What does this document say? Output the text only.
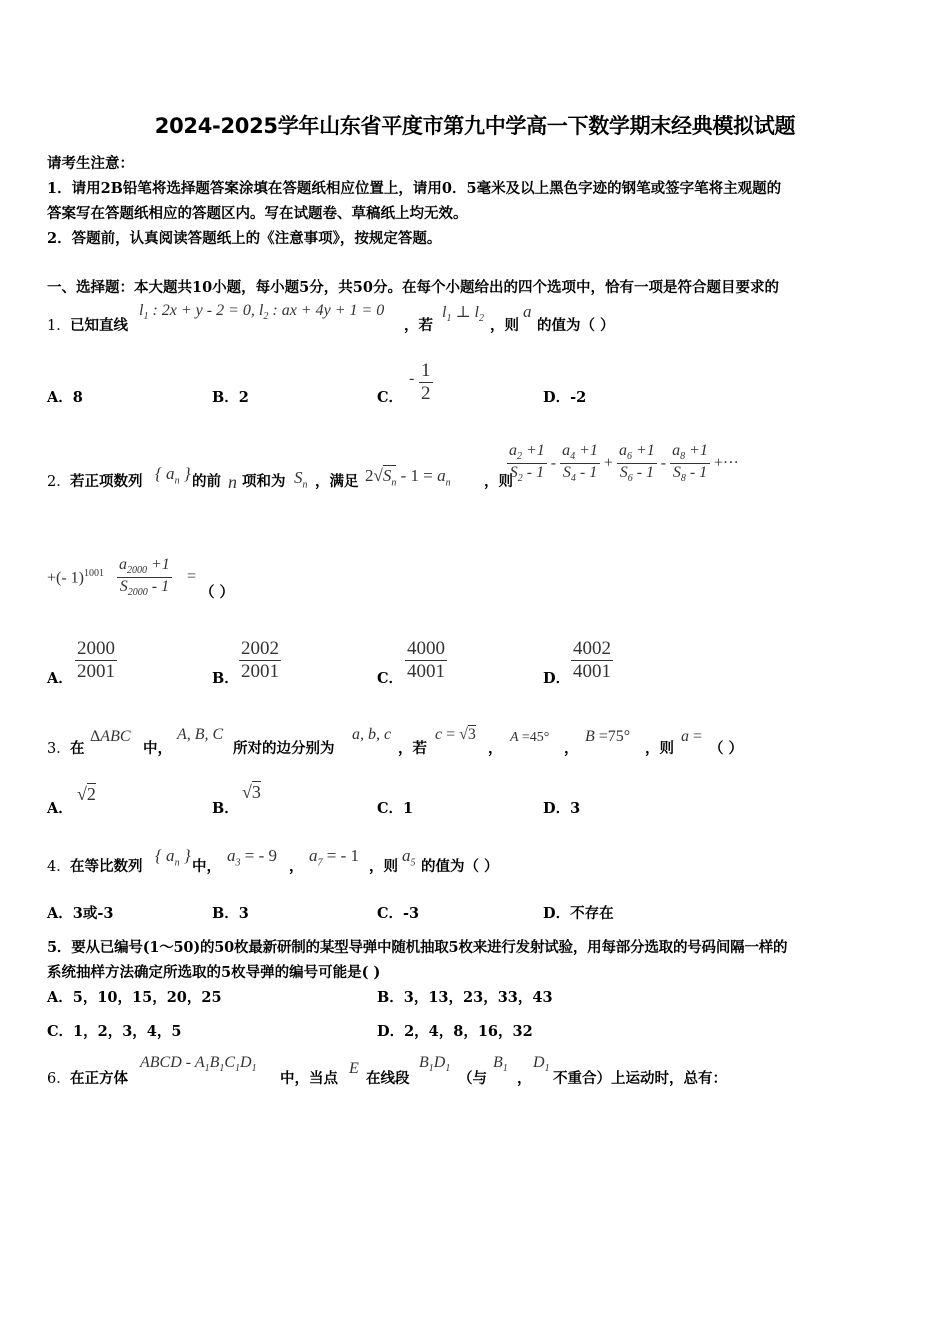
2024-2025学年山东省平度市第九中学高一下数学期末经典模拟试题
请考生注意：
1．请用2B铅笔将选择题答案涂填在答题纸相应位置上，请用0．5毫米及以上黑色字迹的钢笔或签字笔将主观题的
答案写在答题纸相应的答题区内。写在试题卷、草稿纸上均无效。
2．答题前，认真阅读答题纸上的《注意事项》，按规定答题。
一、选择题：本大题共10小题，每小题5分，共50分。在每个小题给出的四个选项中，恰有一项是符合题目要求的
1． 已知直线
$l_1$ : 2x + y - 2 = 0, $l_2$ : ax + 4y + 1 = 0
，若
$l_1$ ⊥ $l_2$ ，则
a
的值为（ ）
A．8	B．2	C．
- $\frac{1}{2}$	D．-2
2． 若正项数列 { $a_n$ } 的前 n 项和为 $S_n$ ，满足 $2√S_n - 1 = a_n$ ，则
$\frac{a_2 +1}{S_2 - 1} - \frac{a_4 +1}{S_4 - 1} + \frac{a_6 +1}{S_6 - 1} - \frac{a_8 +1}{S_8 - 1}$ +···
+(- $1)^{1001} \frac{a_{2000} +1}{S_{2000} - 1}$ =
（ ）
A． $\frac{2000}{2001}$	B． $\frac{2002}{2001}$	C． $\frac{4000}{4001}$	D． $\frac{4002}{4001}$
3． 在
ΔABC
中，
A, B, C
所对的边分别为
a, b, c
，若
c = √3
，
A =45°
，
B =75°
，则
a =
（ ）
A．
√2
B．
√3
C．1	D．3
4． 在等比数列
{ $a_n$ }
中，
$a_3$ = - 9
，
$a_7$ = - 1
，则
$a_5$ 的值为（ ）
A．3或-3	B．3	C．-3	D．不存在
5．要从已编号(1～50)的50枚最新研制的某型导弹中随机抽取5枚来进行发射试验，用每部分选取的号码间隔一样的
系统抽样方法确定所选取的5枚导弹的编号可能是( )
A．5，10，15，20，25	B．3，13，23，33，43
C．1，2，3，4，5	D．2，4，8，16，32
6． 在正方体
ABCD - $A_1B_1C_1D_1$
中，当点
E
在线段
$B_1D_1$
（与
$B_1$
，
$D_1$
不重合）上运动时，总有：
